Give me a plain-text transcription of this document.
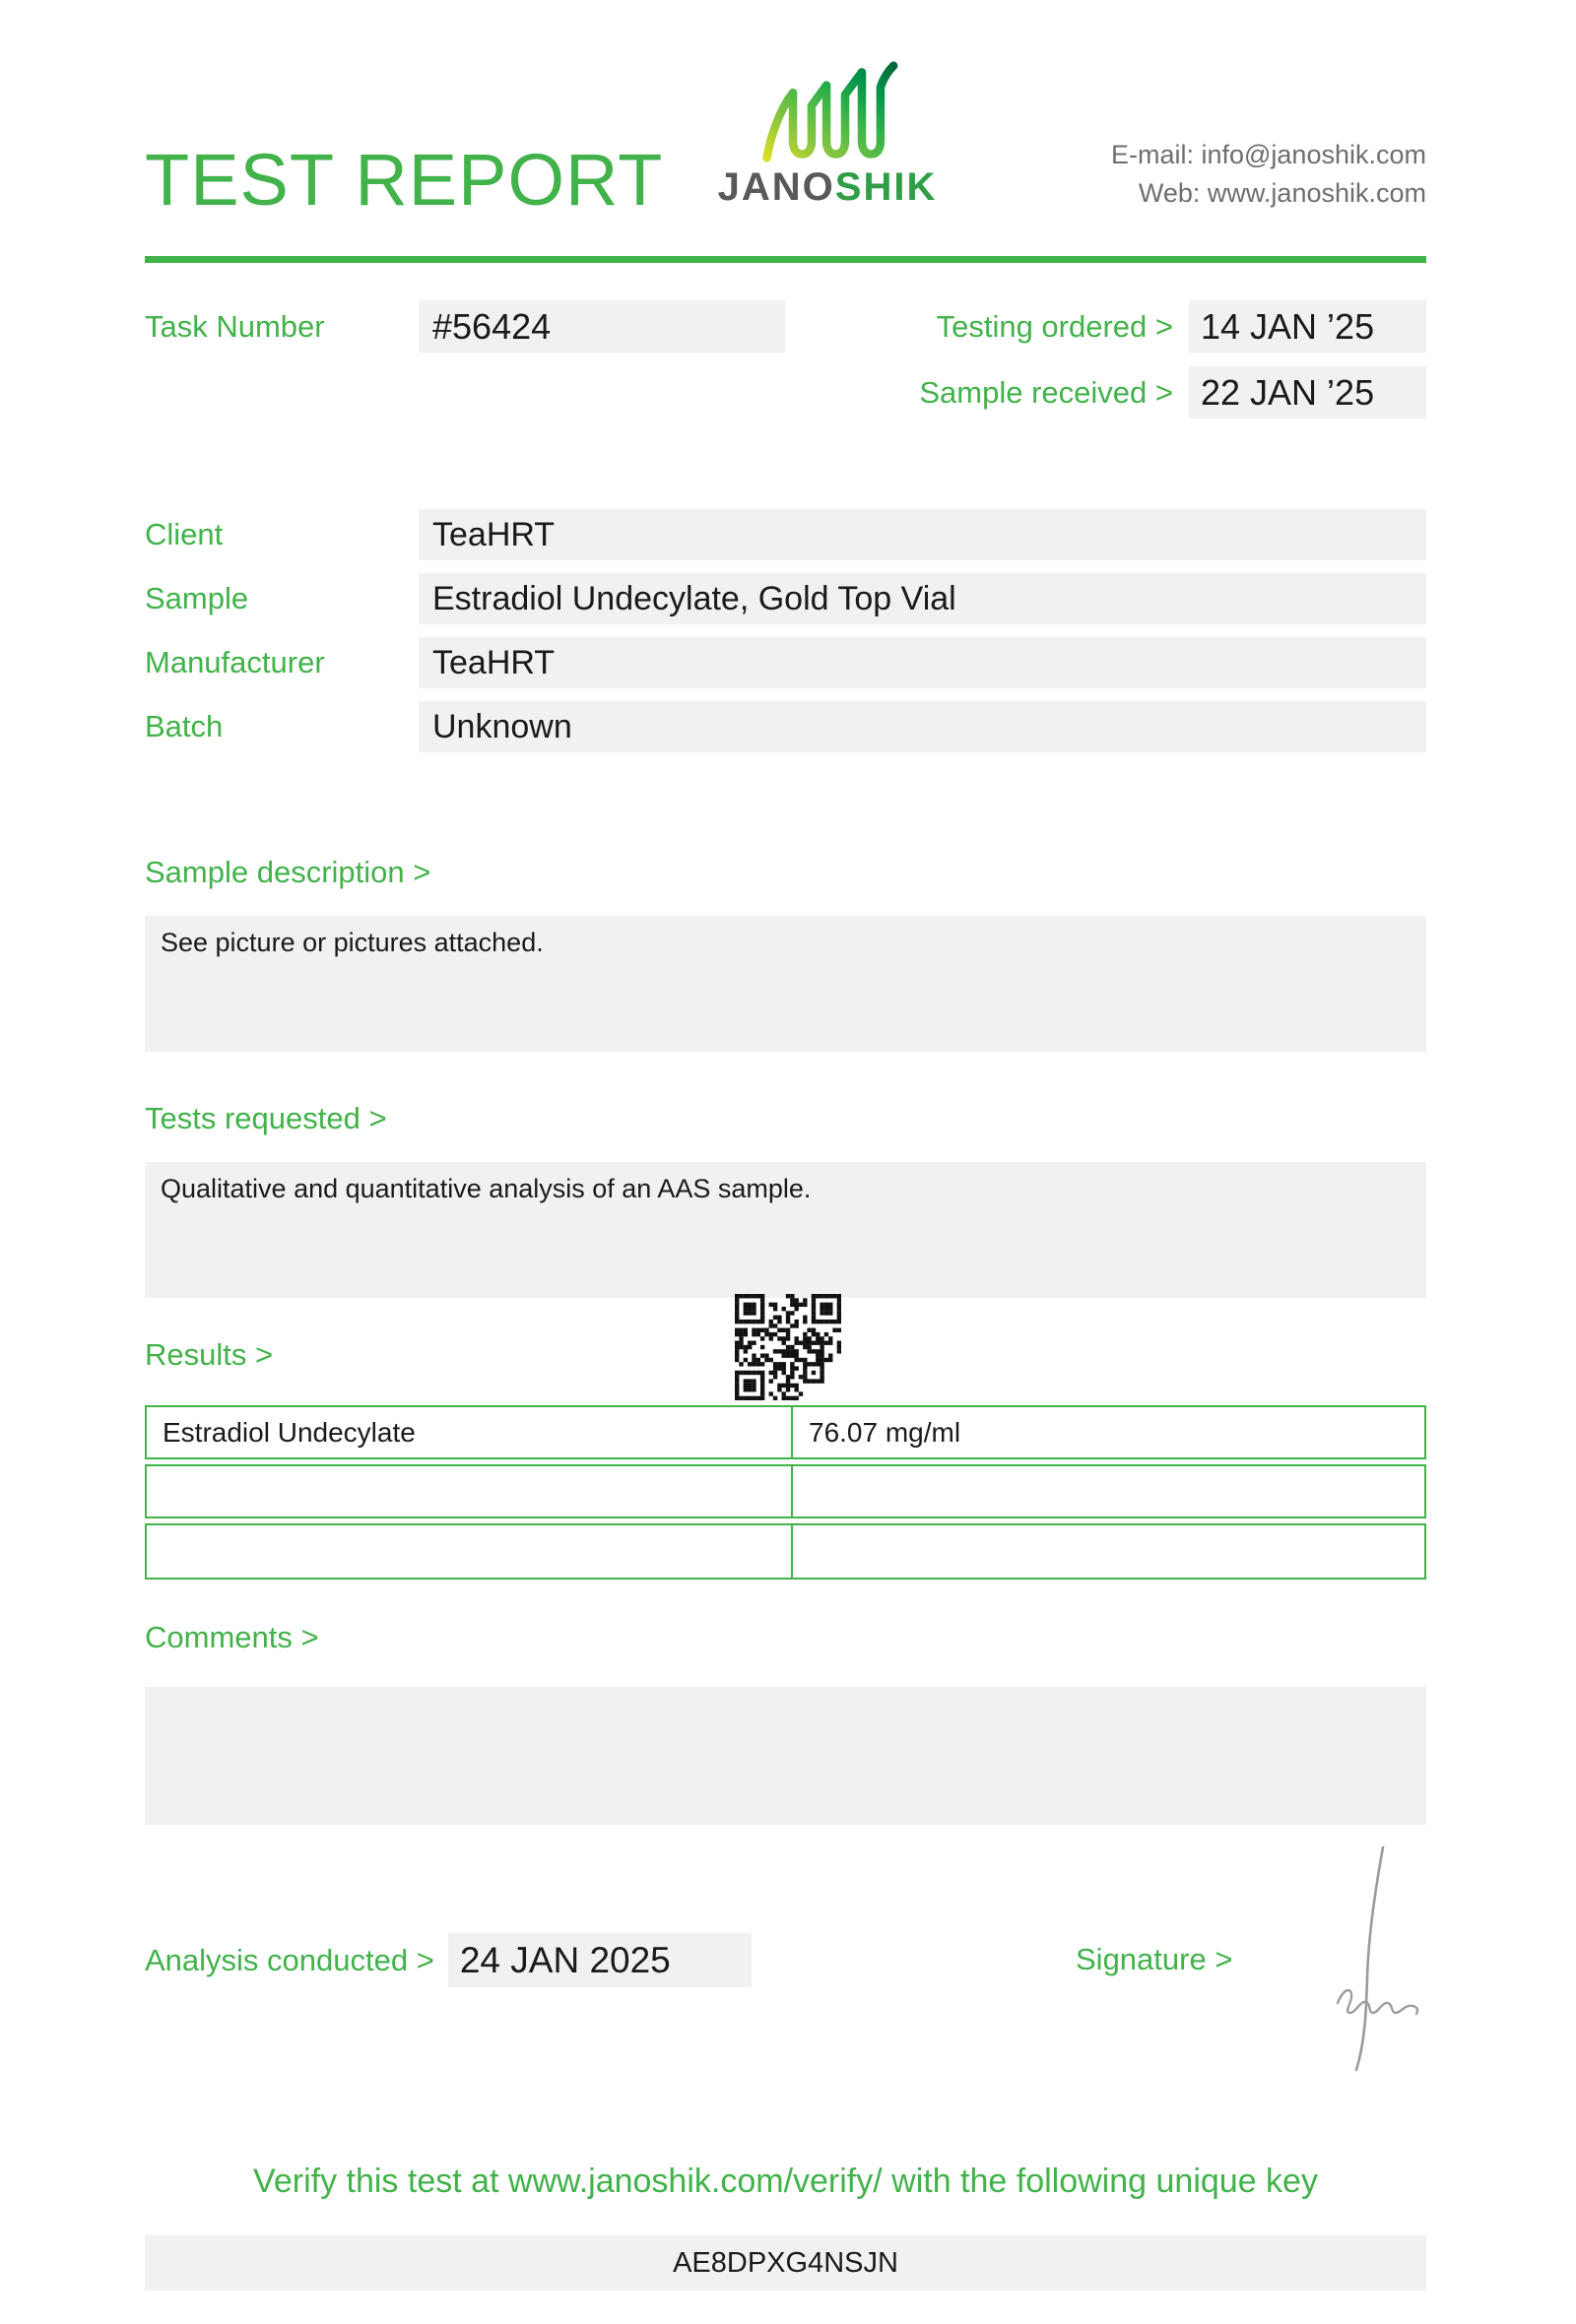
TEST REPORT	JANOSHIK
E-mail: info@janoshik.com
Web: www.janoshik.com
Task Number	#56424	Testing ordered > 14 JAN ’25
Sample received > 22 JAN ’25
Client	TeaHRT
Sample	Estradiol Undecylate, Gold Top Vial
Manufacturer	TeaHRT
Batch	Unknown
Sample description >
See picture or pictures attached.
Tests requested >
Qualitative and quantitative analysis of an AAS sample.
Results >
Estradiol Undecylate	76.07 mg/ml
Comments >
Analysis conducted > 24 JAN 2025	Signature >
Verify this test at www.janoshik.com/verify/ with the following unique key
AE8DPXG4NSJN
